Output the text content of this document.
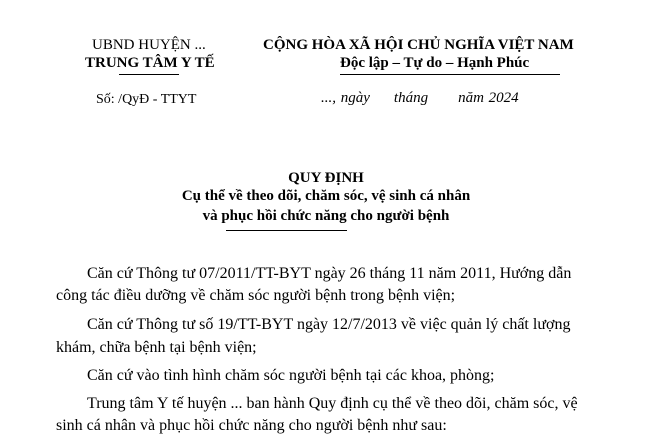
UBND HUYỆN ...
TRUNG TÂM Y TẾ
CỘNG HÒA XÃ HỘI CHỦ NGHĨA VIỆT NAM
Độc lập – Tự do – Hạnh Phúc
Số: /QyĐ - TTYT	..., ngày tháng năm 2024
QUY ĐỊNH
Cụ thể về theo dõi, chăm sóc, vệ sinh cá nhân
và phục hồi chức năng cho người bệnh
Căn cứ Thông tư 07/2011/TT-BYT ngày 26 tháng 11 năm 2011, Hướng dẫn
công tác điều dưỡng về chăm sóc người bệnh trong bệnh viện;
Căn cứ Thông tư số 19/TT-BYT ngày 12/7/2013 về việc quản lý chất lượng
khám, chữa bệnh tại bệnh viện;
Căn cứ vào tình hình chăm sóc người bệnh tại các khoa, phòng;
Trung tâm Y tế huyện ... ban hành Quy định cụ thể về theo dõi, chăm sóc, vệ
sinh cá nhân và phục hồi chức năng cho người bệnh như sau:
